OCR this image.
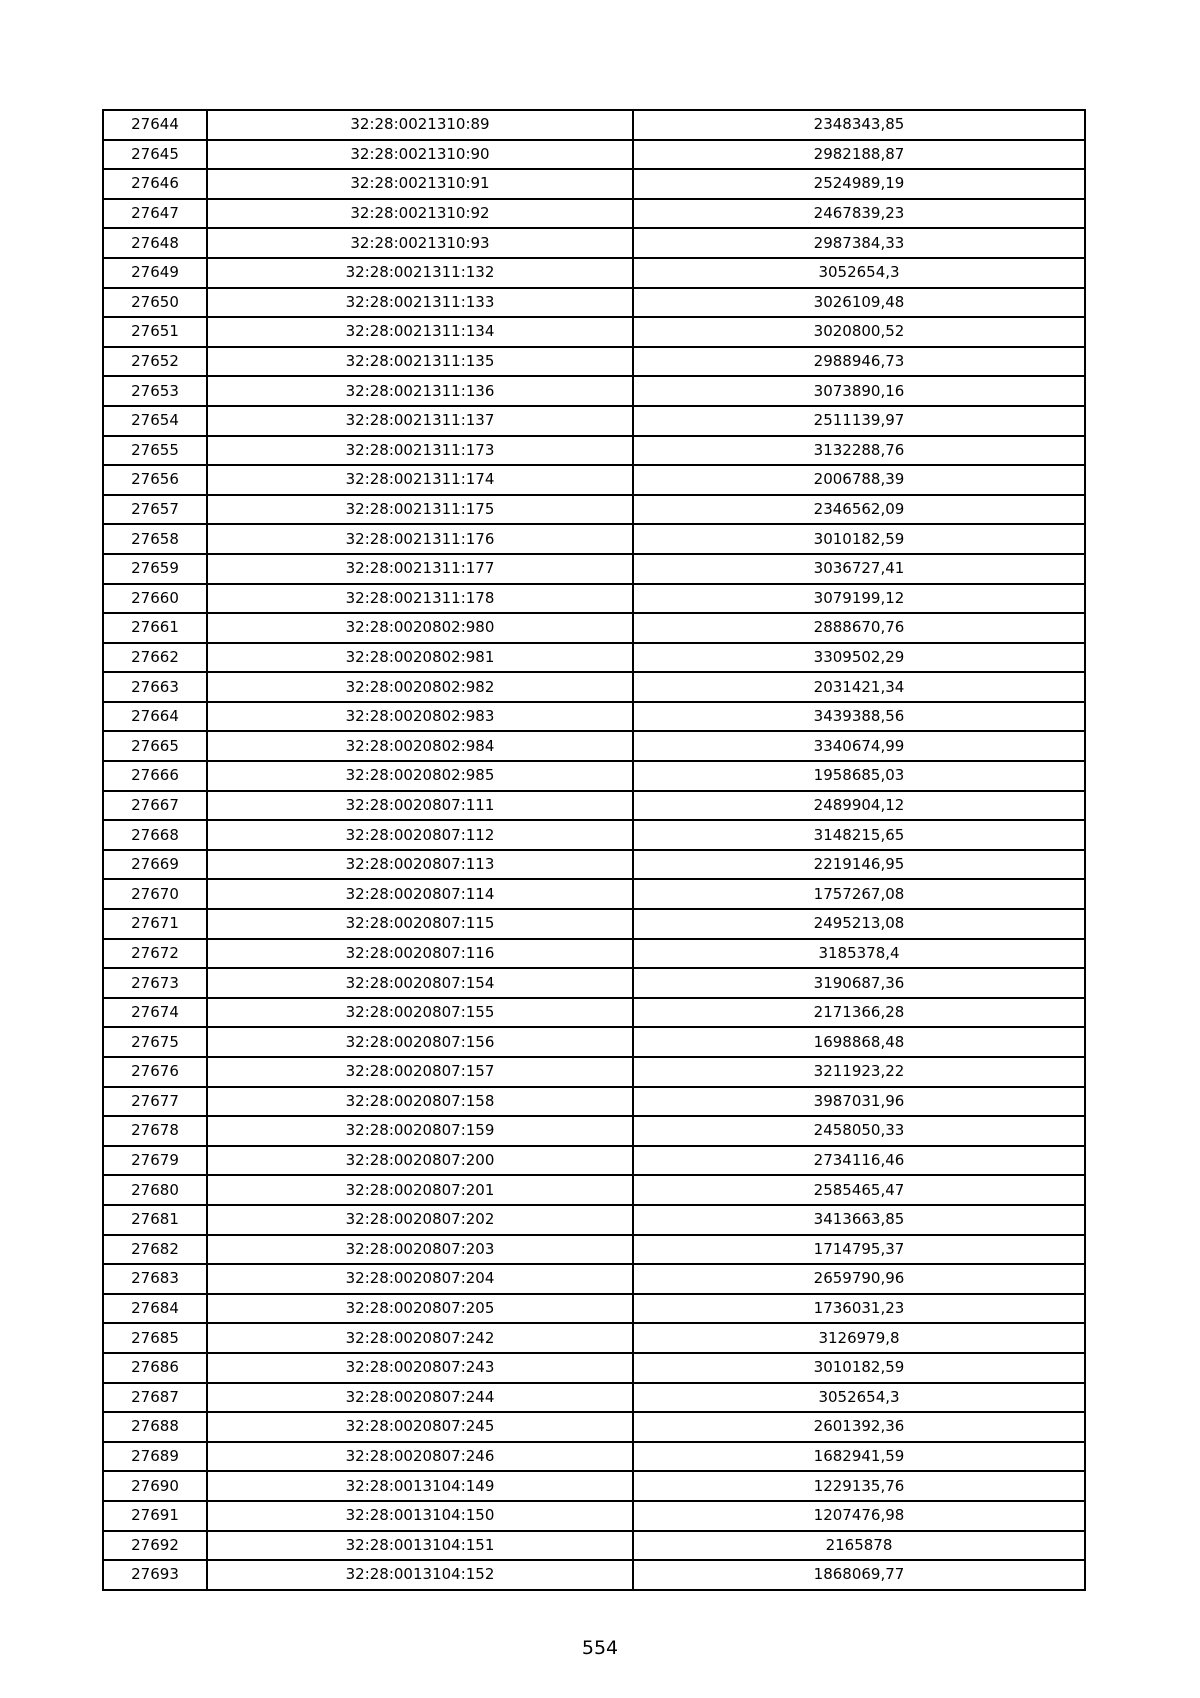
27644	32:28:0021310:89	2348343,85
27645	32:28:0021310:90	2982188,87
27646	32:28:0021310:91	2524989,19
27647	32:28:0021310:92	2467839,23
27648	32:28:0021310:93	2987384,33
27649	32:28:0021311:132	3052654,3
27650	32:28:0021311:133	3026109,48
27651	32:28:0021311:134	3020800,52
27652	32:28:0021311:135	2988946,73
27653	32:28:0021311:136	3073890,16
27654	32:28:0021311:137	2511139,97
27655	32:28:0021311:173	3132288,76
27656	32:28:0021311:174	2006788,39
27657	32:28:0021311:175	2346562,09
27658	32:28:0021311:176	3010182,59
27659	32:28:0021311:177	3036727,41
27660	32:28:0021311:178	3079199,12
27661	32:28:0020802:980	2888670,76
27662	32:28:0020802:981	3309502,29
27663	32:28:0020802:982	2031421,34
27664	32:28:0020802:983	3439388,56
27665	32:28:0020802:984	3340674,99
27666	32:28:0020802:985	1958685,03
27667	32:28:0020807:111	2489904,12
27668	32:28:0020807:112	3148215,65
27669	32:28:0020807:113	2219146,95
27670	32:28:0020807:114	1757267,08
27671	32:28:0020807:115	2495213,08
27672	32:28:0020807:116	3185378,4
27673	32:28:0020807:154	3190687,36
27674	32:28:0020807:155	2171366,28
27675	32:28:0020807:156	1698868,48
27676	32:28:0020807:157	3211923,22
27677	32:28:0020807:158	3987031,96
27678	32:28:0020807:159	2458050,33
27679	32:28:0020807:200	2734116,46
27680	32:28:0020807:201	2585465,47
27681	32:28:0020807:202	3413663,85
27682	32:28:0020807:203	1714795,37
27683	32:28:0020807:204	2659790,96
27684	32:28:0020807:205	1736031,23
27685	32:28:0020807:242	3126979,8
27686	32:28:0020807:243	3010182,59
27687	32:28:0020807:244	3052654,3
27688	32:28:0020807:245	2601392,36
27689	32:28:0020807:246	1682941,59
27690	32:28:0013104:149	1229135,76
27691	32:28:0013104:150	1207476,98
27692	32:28:0013104:151	2165878
27693	32:28:0013104:152	1868069,77
554
